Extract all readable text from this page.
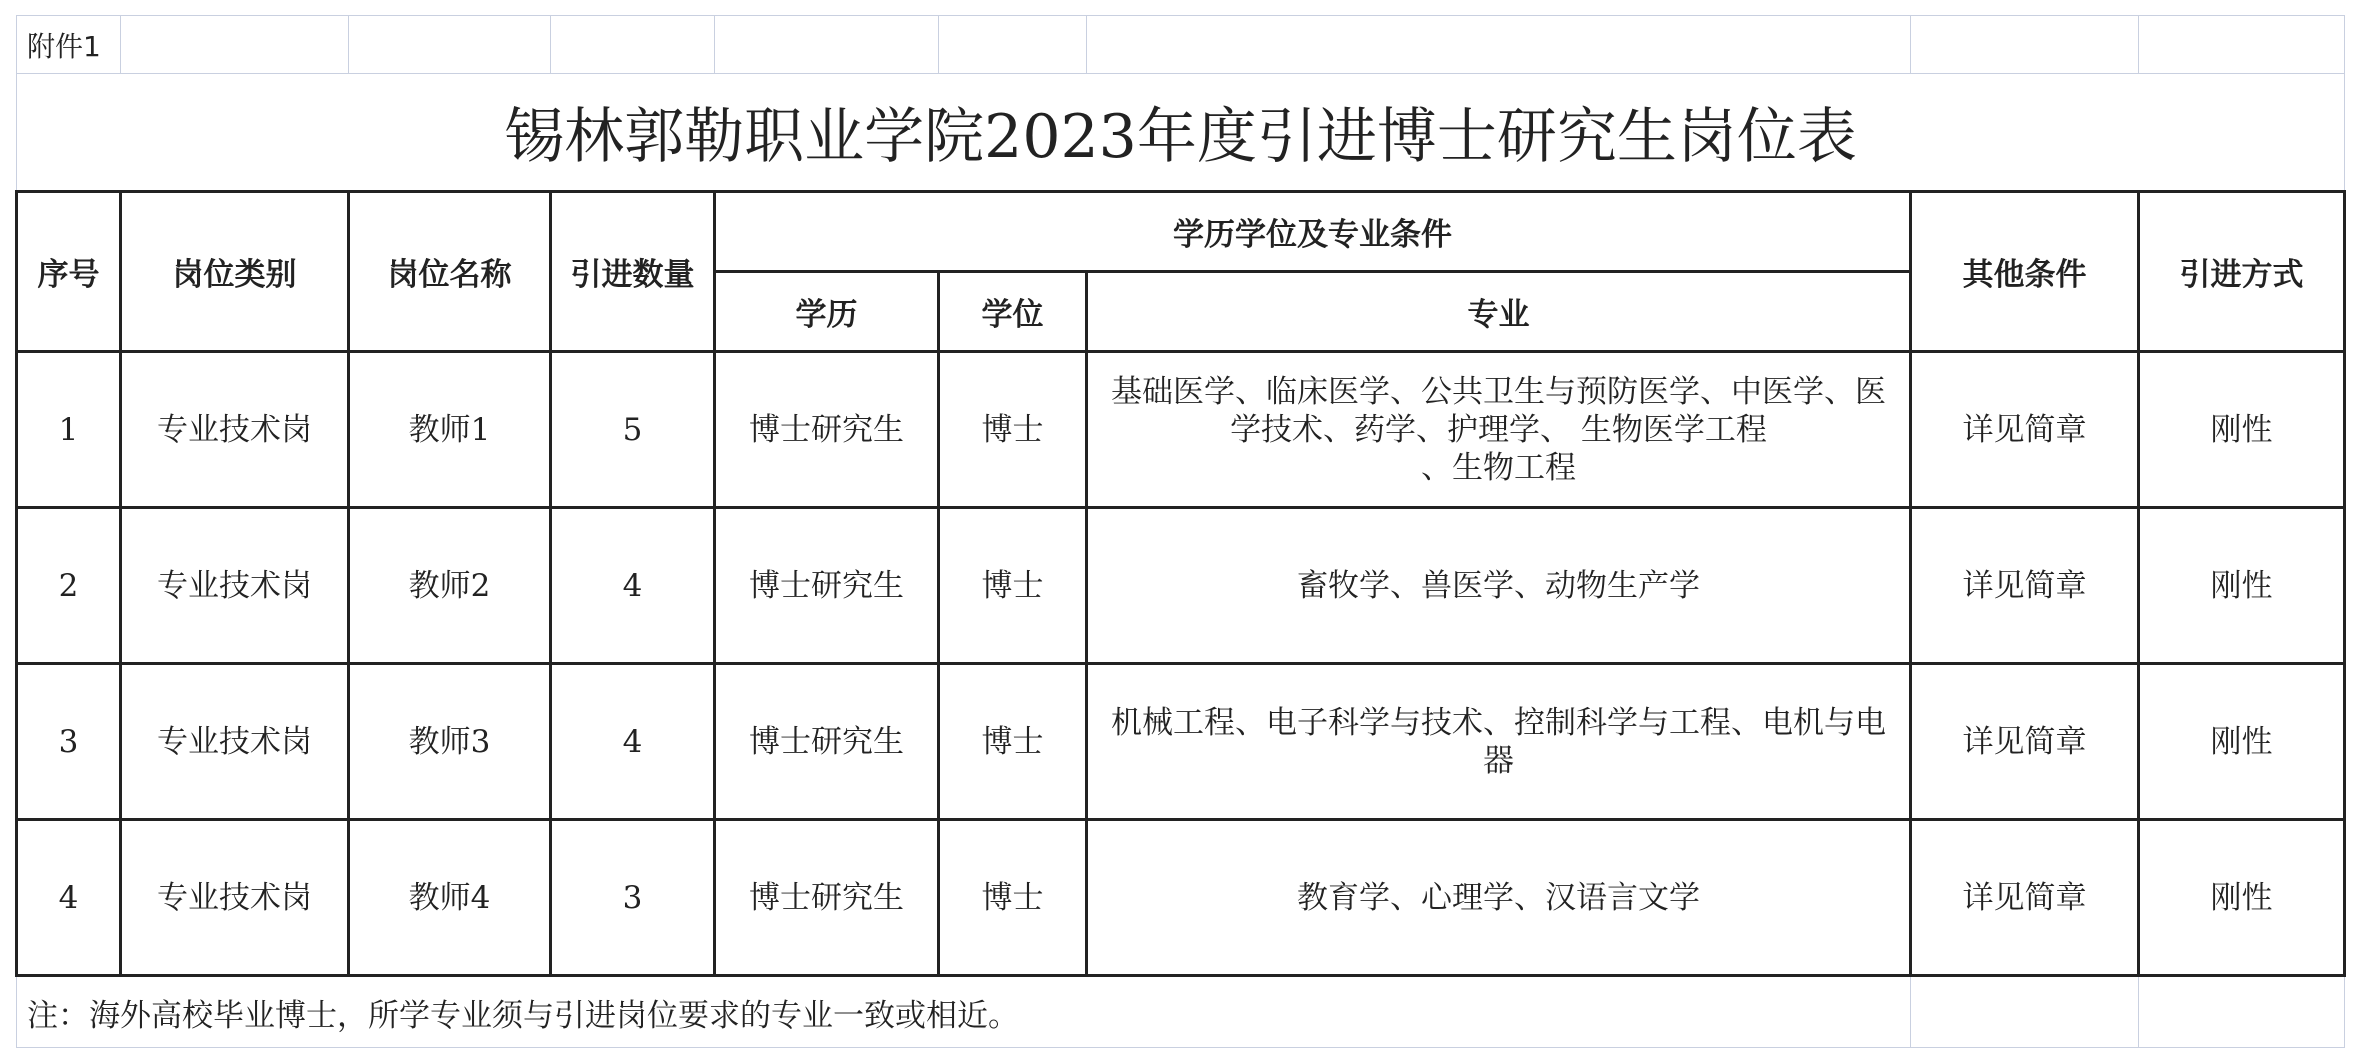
附件1								
锡林郭勒职业学院2023年度引进博士研究生岗位表								
序号	岗位类别	岗位名称	引进数量	学历学位及专业条件			其他条件	引进方式
				学历	学位	专业		
1	专业技术岗	教师1	5	博士研究生	博士	基础医学、临床医学、公共卫生与预防医学、中医学、医
学技术、药学、护理学、 生物医学工程
、生物工程	详见简章	刚性
2	专业技术岗	教师2	4	博士研究生	博士	畜牧学、兽医学、动物生产学	详见简章	刚性
3	专业技术岗	教师3	4	博士研究生	博士	机械工程、电子科学与技术、控制科学与工程、电机与电
器	详见简章	刚性
4	专业技术岗	教师4	3	博士研究生	博士	教育学、心理学、汉语言文学	详见简章	刚性
注：海外高校毕业博士，所学专业须与引进岗位要求的专业一致或相近。								
